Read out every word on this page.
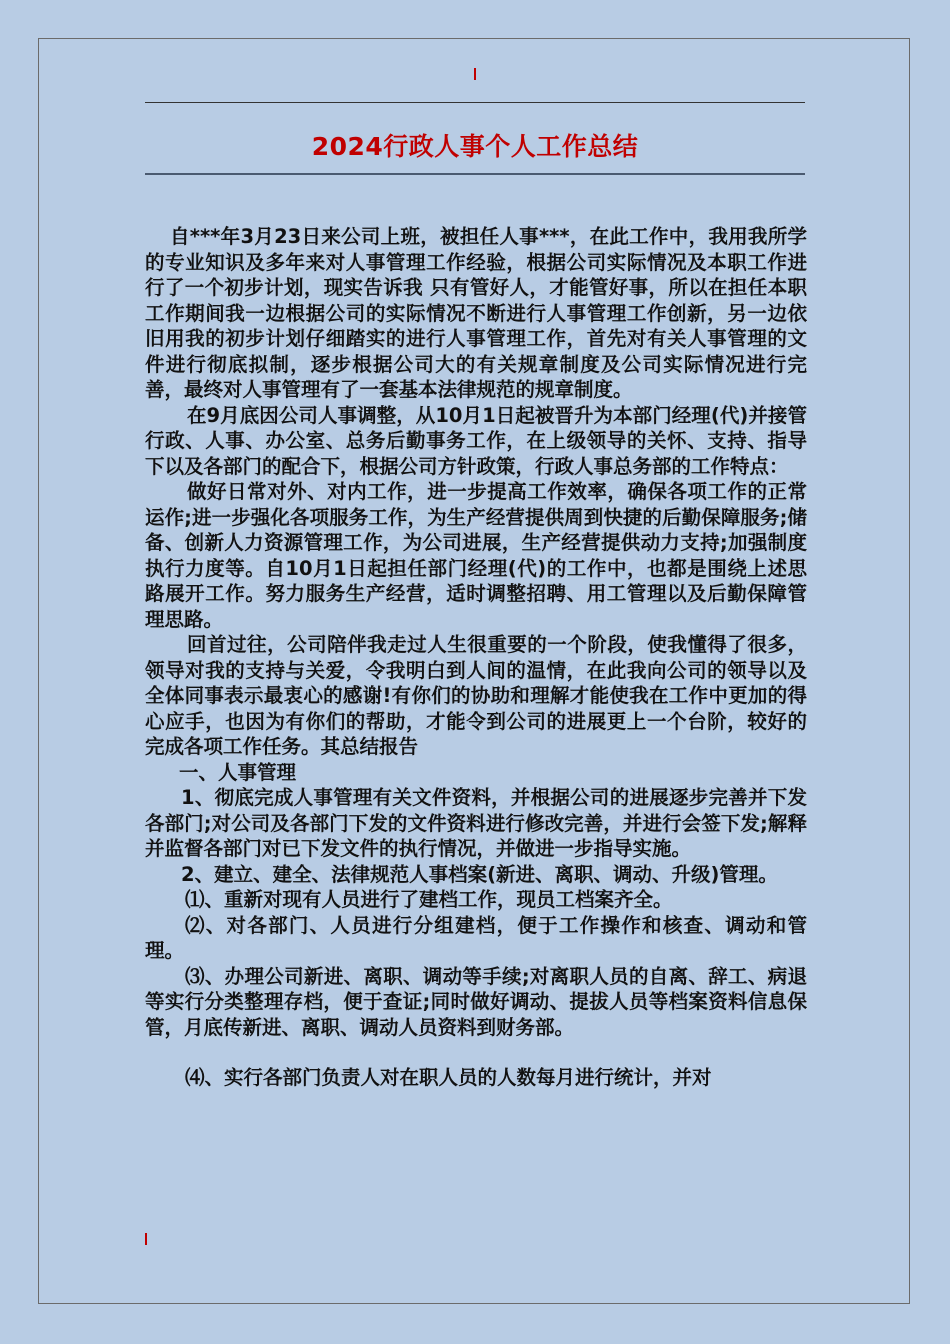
2024行政人事个人工作总结

自***年3月23日来公司上班，被担任人事***，在此工作中，我用我所学的专业知识及多年来对人事管理工作经验，根据公司实际情况及本职工作进行了一个初步计划，现实告诉我 只有管好人，才能管好事，所以在担任本职工作期间我一边根据公司的实际情况不断进行人事管理工作创新，另一边依旧用我的初步计划仔细踏实的进行人事管理工作，首先对有关人事管理的文件进行彻底拟制，逐步根据公司大的有关规章制度及公司实际情况进行完善，最终对人事管理有了一套基本法律规范的规章制度。

在9月底因公司人事调整，从10月1日起被晋升为本部门经理(代)并接管行政、人事、办公室、总务后勤事务工作，在上级领导的关怀、支持、指导下以及各部门的配合下，根据公司方针政策，行政人事总务部的工作特点：

做好日常对外、对内工作，进一步提高工作效率，确保各项工作的正常运作;进一步强化各项服务工作，为生产经营提供周到快捷的后勤保障服务;储备、创新人力资源管理工作，为公司进展，生产经营提供动力支持;加强制度执行力度等。自10月1日起担任部门经理(代)的工作中，也都是围绕上述思路展开工作。努力服务生产经营，适时调整招聘、用工管理以及后勤保障管理思路。

回首过往，公司陪伴我走过人生很重要的一个阶段，使我懂得了很多，领导对我的支持与关爱，令我明白到人间的温情，在此我向公司的领导以及全体同事表示最衷心的感谢!有你们的协助和理解才能使我在工作中更加的得心应手，也因为有你们的帮助，才能令到公司的进展更上一个台阶，较好的完成各项工作任务。其总结报告

一、人事管理

1、彻底完成人事管理有关文件资料，并根据公司的进展逐步完善并下发各部门;对公司及各部门下发的文件资料进行修改完善，并进行会签下发;解释并监督各部门对已下发文件的执行情况，并做进一步指导实施。

2、建立、建全、法律规范人事档案(新进、离职、调动、升级)管理。

⑴、重新对现有人员进行了建档工作，现员工档案齐全。

⑵、对各部门、人员进行分组建档，便于工作操作和核查、调动和管理。

⑶、办理公司新进、离职、调动等手续;对离职人员的自离、辞工、病退等实行分类整理存档，便于查证;同时做好调动、提拔人员等档案资料信息保管，月底传新进、离职、调动人员资料到财务部。

⑷、实行各部门负责人对在职人员的人数每月进行统计，并对
